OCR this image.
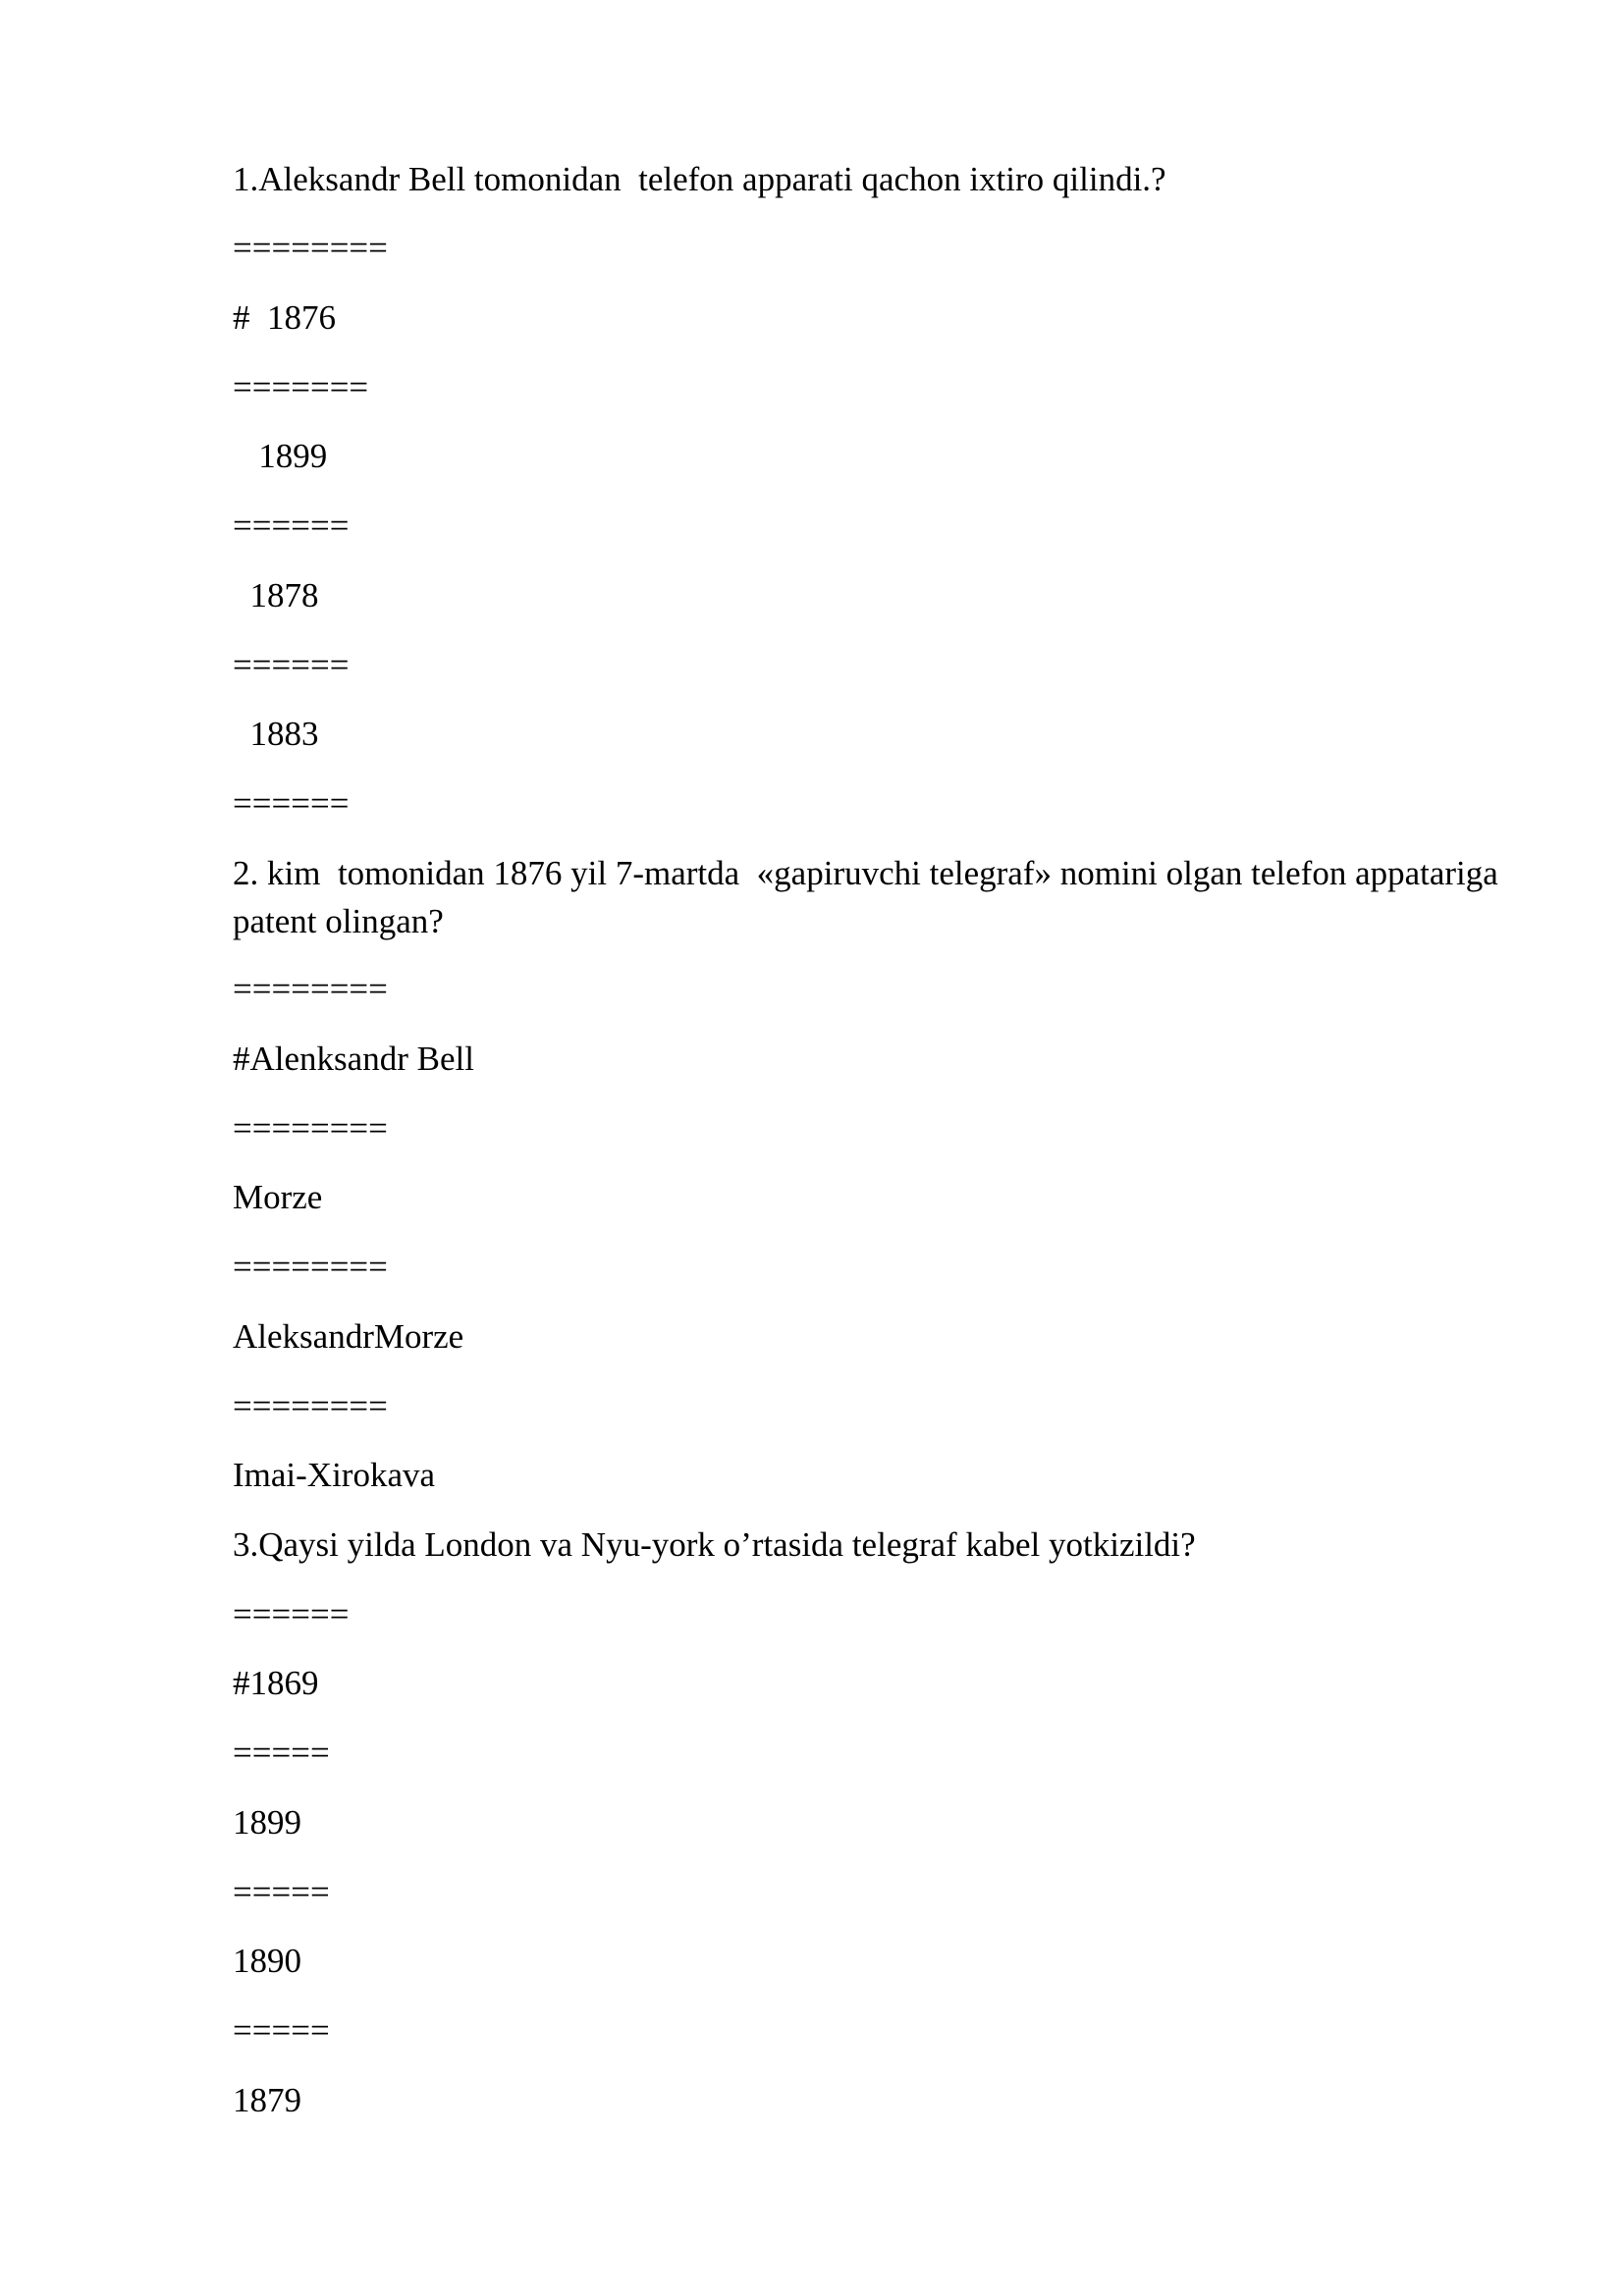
1.Aleksandr Bell tomonidan  telefon apparati qachon ixtiro qilindi.?
========
#  1876
=======
1899
======
1878
======
1883
======
2. kim  tomonidan 1876 yil 7-martda  «gapiruvchi telegraf» nomini olgan telefon appatariga patent olingan?
========
#Alenksandr Bell
========
Morze
========
AleksandrMorze
========
Imai-Xirokava
3.Qaysi yilda London va Nyu-york o’rtasida telegraf kabel yotkizildi?
======
#1869
=====
1899
=====
1890
=====
1879
